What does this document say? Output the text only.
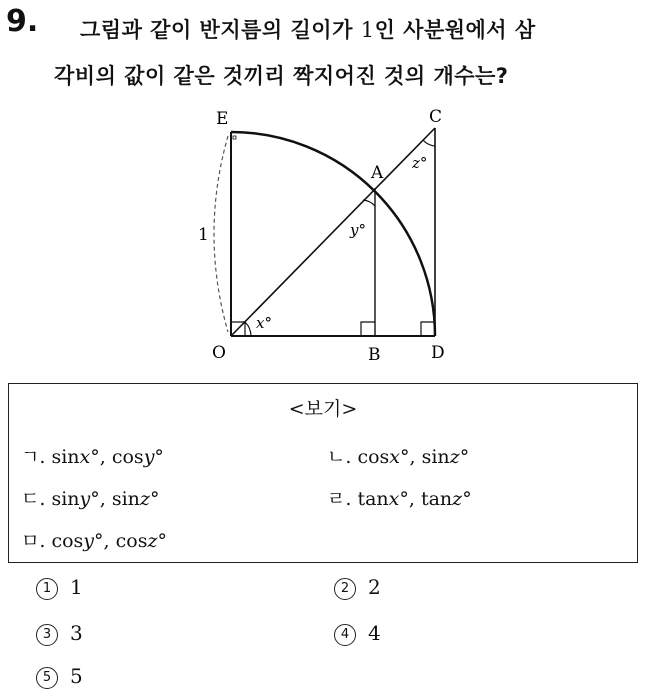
9. 그림과 같이 반지름의 길이가 1인 사분원에서 삼
각비의 값이 같은 것끼리 짝지어진 것의 개수는?
E	C
A
O	B	D
x°
y°
z°
1
<보기>
ㄱ. sinx°, cosy°	ㄴ. cosx°, sinz°
ㄷ. siny°, sinz°	ㄹ. tanx°, tanz°
ㅁ. cosy°, cosz°
1 1	2 2
3 3	4 4
5 5
